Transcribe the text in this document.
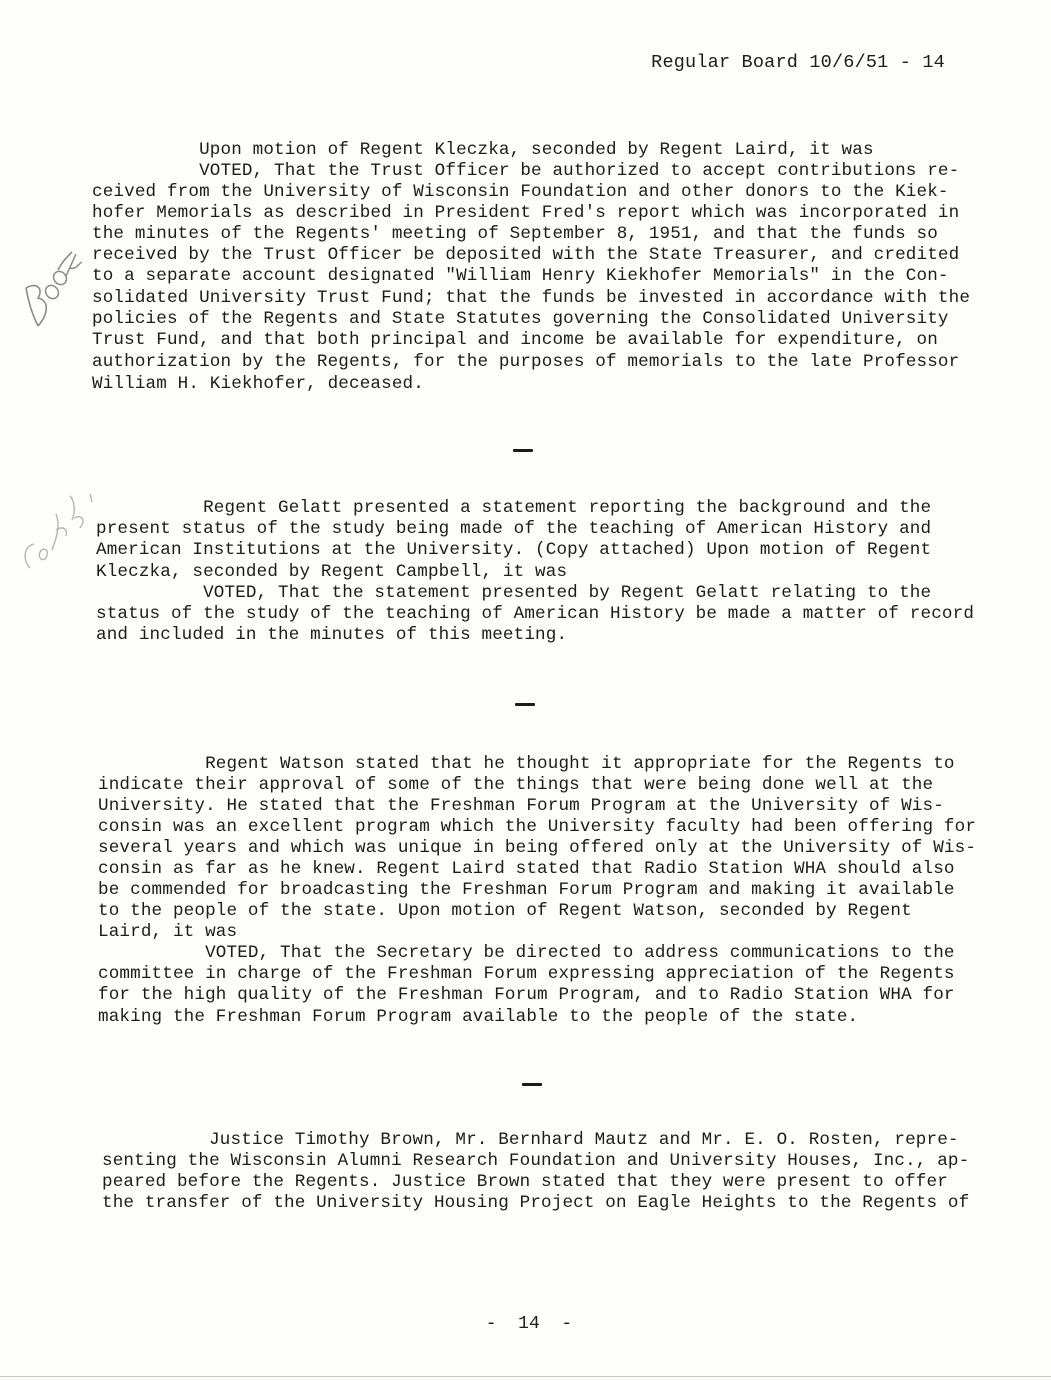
Regular Board 10/6/51 - 14
Upon motion of Regent Kleczka, seconded by Regent Laird, it was
VOTED, That the Trust Officer be authorized to accept contributions re-
ceived from the University of Wisconsin Foundation and other donors to the Kiek-
hofer Memorials as described in President Fred's report which was incorporated in
the minutes of the Regents' meeting of September 8, 1951, and that the funds so
received by the Trust Officer be deposited with the State Treasurer, and credited
to a separate account designated "William Henry Kiekhofer Memorials" in the Con-
solidated University Trust Fund; that the funds be invested in accordance with the
policies of the Regents and State Statutes governing the Consolidated University
Trust Fund, and that both principal and income be available for expenditure, on
authorization by the Regents, for the purposes of memorials to the late Professor
William H. Kiekhofer, deceased.
Regent Gelatt presented a statement reporting the background and the
present status of the study being made of the teaching of American History and
American Institutions at the University. (Copy attached) Upon motion of Regent
Kleczka, seconded by Regent Campbell, it was
VOTED, That the statement presented by Regent Gelatt relating to the
status of the study of the teaching of American History be made a matter of record
and included in the minutes of this meeting.
Regent Watson stated that he thought it appropriate for the Regents to
indicate their approval of some of the things that were being done well at the
University. He stated that the Freshman Forum Program at the University of Wis-
consin was an excellent program which the University faculty had been offering for
several years and which was unique in being offered only at the University of Wis-
consin as far as he knew. Regent Laird stated that Radio Station WHA should also
be commended for broadcasting the Freshman Forum Program and making it available
to the people of the state. Upon motion of Regent Watson, seconded by Regent
Laird, it was
VOTED, That the Secretary be directed to address communications to the
committee in charge of the Freshman Forum expressing appreciation of the Regents
for the high quality of the Freshman Forum Program, and to Radio Station WHA for
making the Freshman Forum Program available to the people of the state.
Justice Timothy Brown, Mr. Bernhard Mautz and Mr. E. O. Rosten, repre-
senting the Wisconsin Alumni Research Foundation and University Houses, Inc., ap-
peared before the Regents. Justice Brown stated that they were present to offer
the transfer of the University Housing Project on Eagle Heights to the Regents of
-  14  -
